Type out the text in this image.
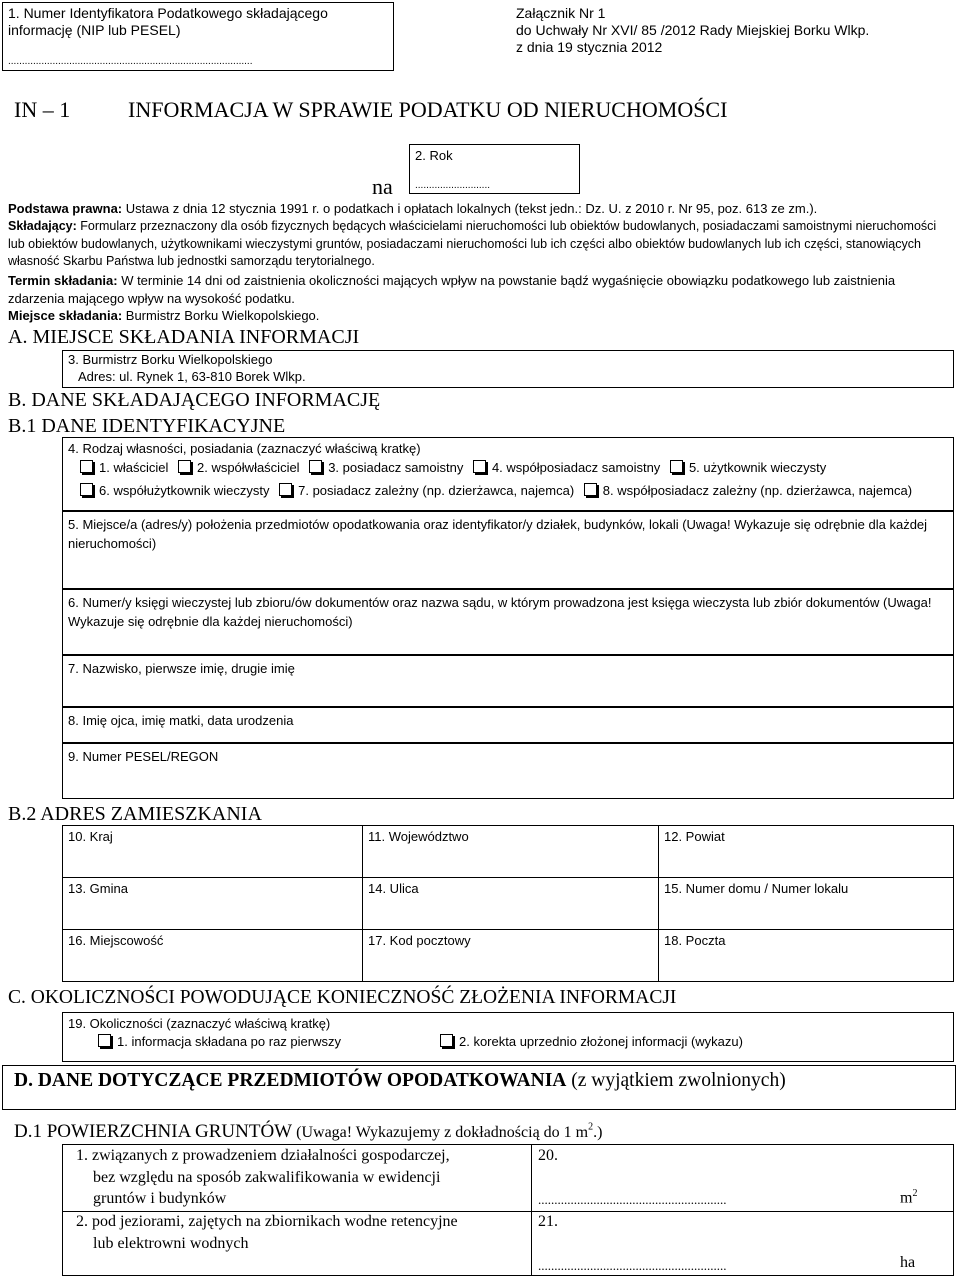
1. Numer Identyfikatora Podatkowego składającego
informację (NIP lub PESEL)
........................................................................................
Załącznik Nr 1
do Uchwały Nr XVI/ 85 /2012 Rady Miejskiej Borku Wlkp.
z dnia 19 stycznia 2012
IN – 1	INFORMACJA W SPRAWIE PODATKU OD NIERUCHOMOŚCI
na
2. Rok
...........................
Podstawa prawna: Ustawa z dnia 12 stycznia 1991 r. o podatkach i opłatach lokalnych (tekst jedn.: Dz. U. z 2010 r. Nr 95, poz. 613 ze zm.).
Składający: Formularz przeznaczony dla osób fizycznych będących właścicielami nieruchomości lub obiektów budowlanych, posiadaczami samoistnymi nieruchomości lub obiektów budowlanych, użytkownikami wieczystymi gruntów, posiadaczami nieruchomości lub ich części albo obiektów budowlanych lub ich części, stanowiących własność Skarbu Państwa lub jednostki samorządu terytorialnego.
Termin składania: W terminie 14 dni od zaistnienia okoliczności mających wpływ na powstanie bądź wygaśnięcie obowiązku podatkowego lub zaistnienia zdarzenia mającego wpływ na wysokość podatku.
Miejsce składania: Burmistrz Borku Wielkopolskiego.
A. MIEJSCE SKŁADANIA INFORMACJI
3. Burmistrz Borku Wielkopolskiego
Adres: ul. Rynek 1, 63-810 Borek Wlkp.
B. DANE SKŁADAJĄCEGO INFORMACJĘ
B.1 DANE IDENTYFIKACYJNE
4. Rodzaj własności, posiadania (zaznaczyć właściwą kratkę)
1. właściciel 2. współwłaściciel 3. posiadacz samoistny 4. współposiadacz samoistny 5. użytkownik wieczysty
6. współużytkownik wieczysty 7. posiadacz zależny (np. dzierżawca, najemca) 8. współposiadacz zależny (np. dzierżawca, najemca)
5. Miejsce/a (adres/y) położenia przedmiotów opodatkowania oraz identyfikator/y działek, budynków, lokali (Uwaga! Wykazuje się odrębnie dla każdej nieruchomości)
6. Numer/y księgi wieczystej lub zbioru/ów dokumentów oraz nazwa sądu, w którym prowadzona jest księga wieczysta lub zbiór dokumentów (Uwaga! Wykazuje się odrębnie dla każdej nieruchomości)
7. Nazwisko, pierwsze imię, drugie imię
8. Imię ojca, imię matki, data urodzenia
9. Numer PESEL/REGON
B.2 ADRES ZAMIESZKANIA
10. Kraj	11. Województwo	12. Powiat
13. Gmina	14. Ulica	15. Numer domu / Numer lokalu
16. Miejscowość	17. Kod pocztowy	18. Poczta
C. OKOLICZNOŚCI POWODUJĄCE KONIECZNOŚĆ ZŁOŻENIA INFORMACJI
19. Okoliczności (zaznaczyć właściwą kratkę)
1. informacja składana po raz pierwszy	2. korekta uprzednio złożonej informacji (wykazu)
D. DANE DOTYCZĄCE PRZEDMIOTÓW OPODATKOWANIA (z wyjątkiem zwolnionych)
D.1 POWIERZCHNIA GRUNTÓW (Uwaga! Wykazujemy z dokładnością do 1 $m^2$.)
1. związanych z prowadzeniem działalności gospodarczej,
bez względu na sposób zakwalifikowania w ewidencji
gruntów i budynków
20.
..........................................................	$m^2$
2. pod jeziorami, zajętych na zbiornikach wodne retencyjne
lub elektrowni wodnych
21.
..........................................................	ha
